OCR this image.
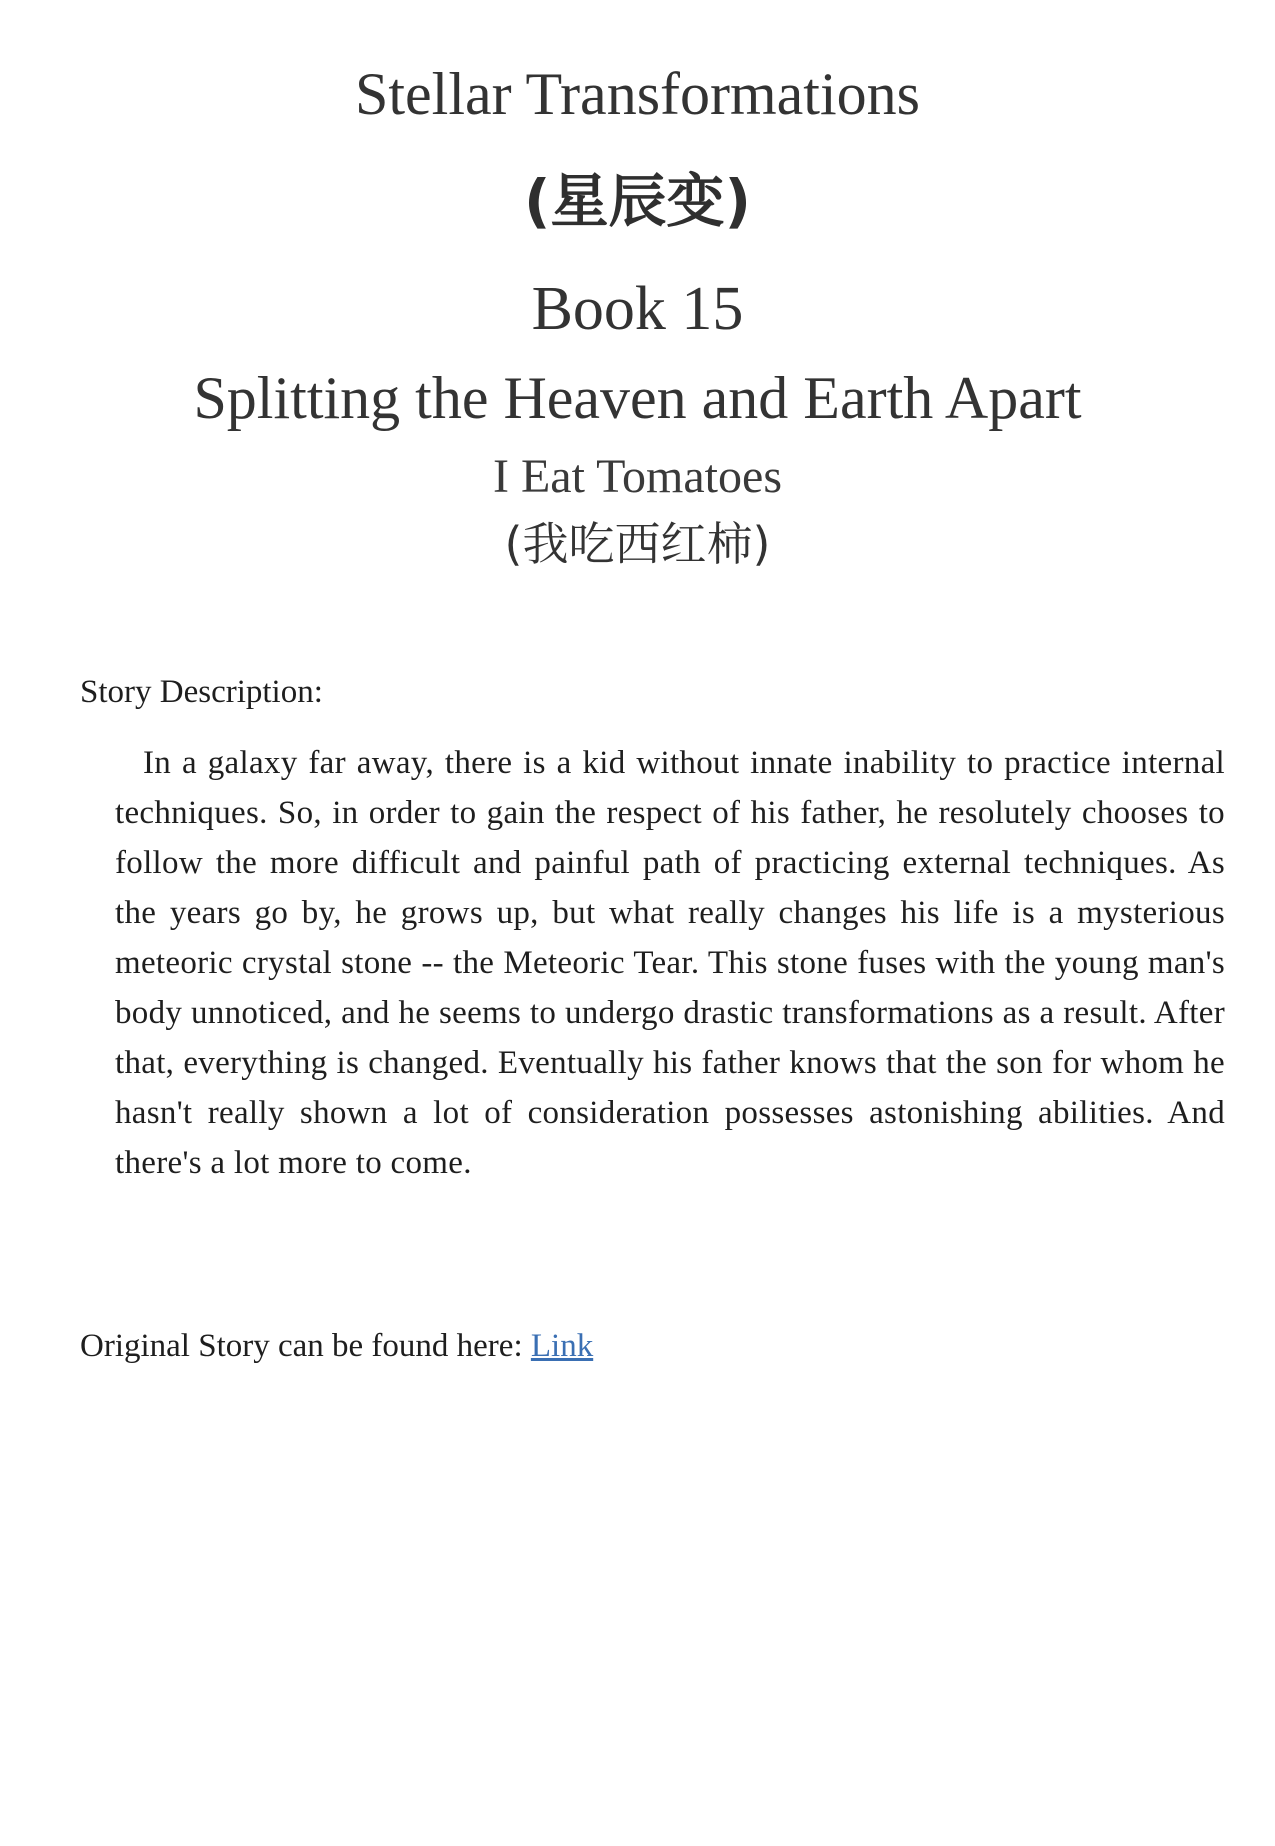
Stellar Transformations
(星辰变)
Book 15
Splitting the Heaven and Earth Apart
I Eat Tomatoes
(我吃西红柿)
Story Description:

In a galaxy far away, there is a kid without innate inability to practice internal techniques. So, in order to gain the respect of his father, he resolutely chooses to follow the more difficult and painful path of practicing external techniques. As the years go by, he grows up, but what really changes his life is a mysterious meteoric crystal stone -- the Meteoric Tear. This stone fuses with the young man's body unnoticed, and he seems to undergo drastic transformations as a result. After that, everything is changed. Eventually his father knows that the son for whom he hasn't really shown a lot of consideration possesses astonishing abilities. And there's a lot more to come.

Original Story can be found here: Link
